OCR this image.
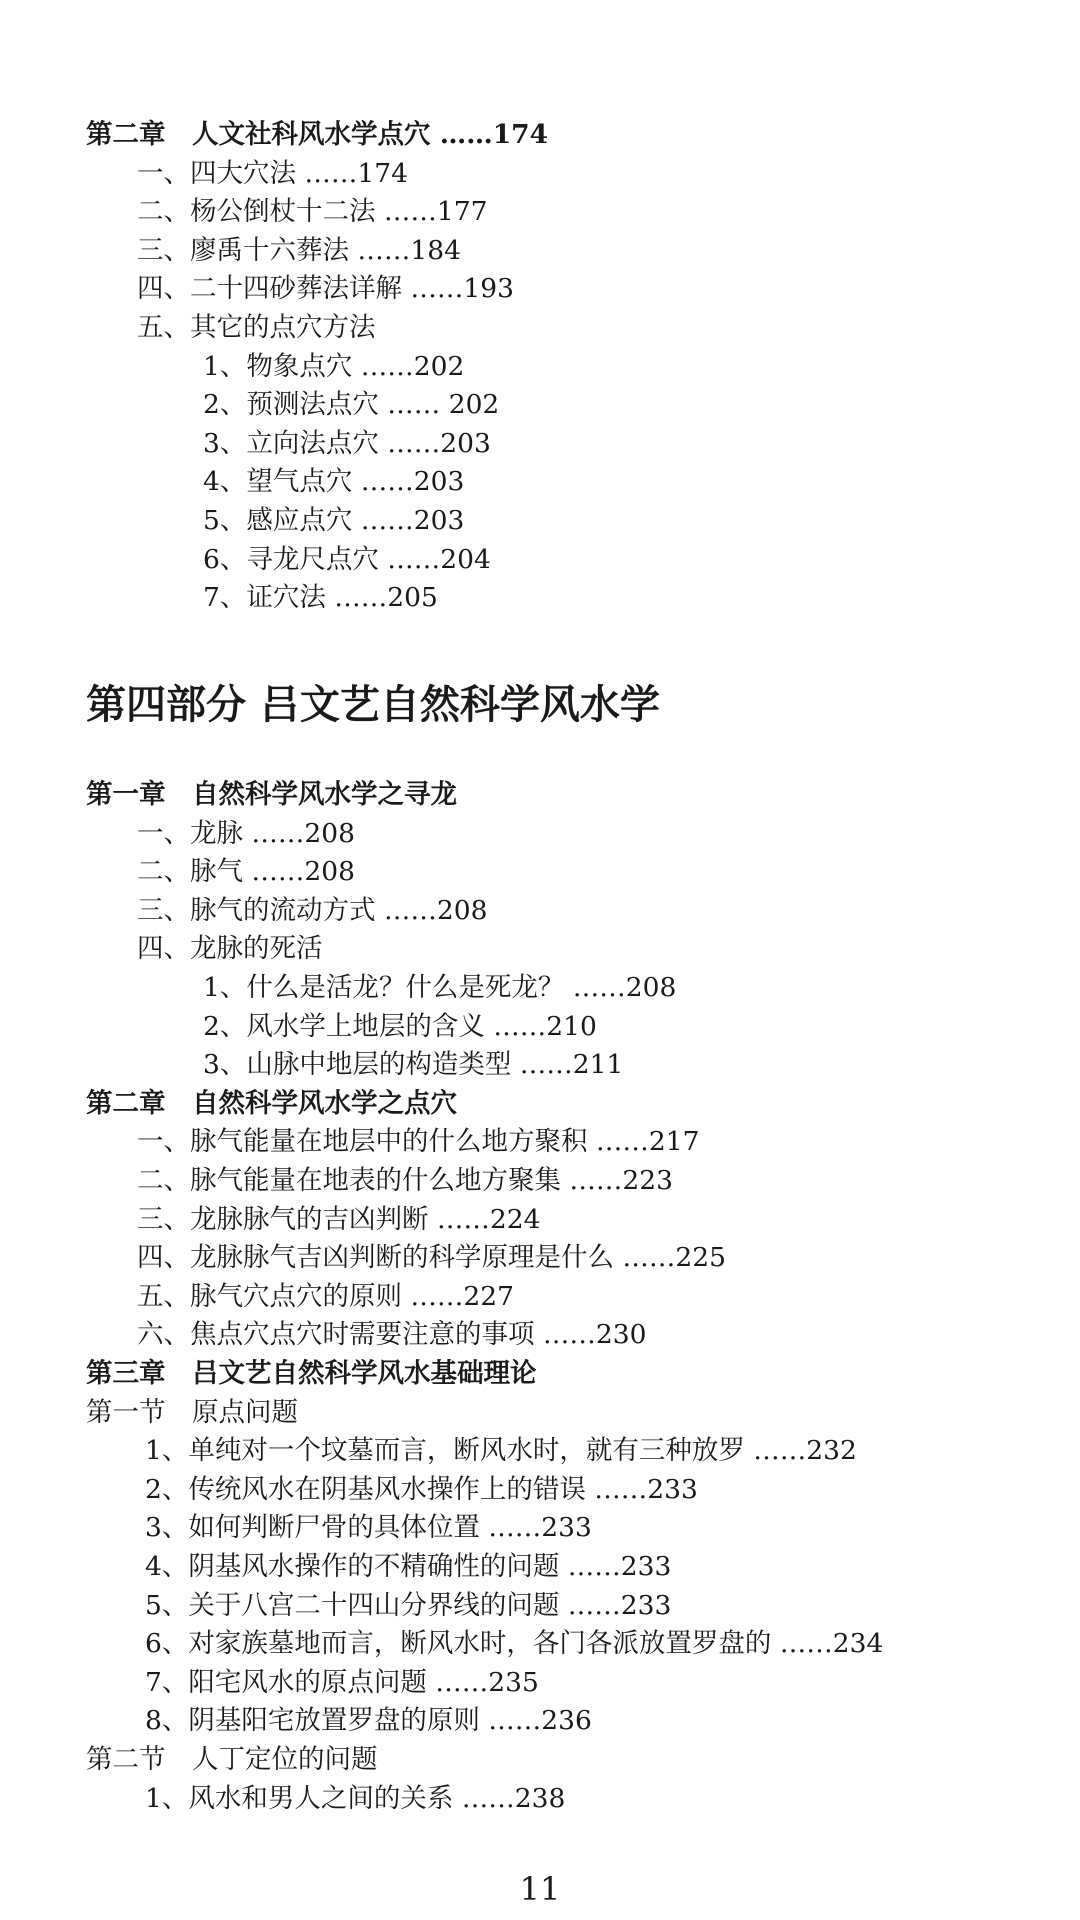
第二章　人文社科风水学点穴 ……174
一、四大穴法 ……174
二、杨公倒杖十二法 ……177
三、廖禹十六葬法 ……184
四、二十四砂葬法详解 ……193
五、其它的点穴方法
1、物象点穴 ……202
2、预测法点穴 …… 202
3、立向法点穴 ……203
4、望气点穴 ……203
5、感应点穴 ……203
6、寻龙尺点穴 ……204
7、证穴法 ……205
第四部分 吕文艺自然科学风水学
第一章　自然科学风水学之寻龙
一、龙脉 ……208
二、脉气 ……208
三、脉气的流动方式 ……208
四、龙脉的死活
1、什么是活龙？什么是死龙？ ……208
2、风水学上地层的含义 ……210
3、山脉中地层的构造类型 ……211
第二章　自然科学风水学之点穴
一、脉气能量在地层中的什么地方聚积 ……217
二、脉气能量在地表的什么地方聚集 ……223
三、龙脉脉气的吉凶判断 ……224
四、龙脉脉气吉凶判断的科学原理是什么 ……225
五、脉气穴点穴的原则 ……227
六、焦点穴点穴时需要注意的事项 ……230
第三章　吕文艺自然科学风水基础理论
第一节　原点问题
1、单纯对一个坟墓而言，断风水时，就有三种放罗 ……232
2、传统风水在阴基风水操作上的错误 ……233
3、如何判断尸骨的具体位置 ……233
4、阴基风水操作的不精确性的问题 ……233
5、关于八宫二十四山分界线的问题 ……233
6、对家族墓地而言，断风水时，各门各派放置罗盘的 ……234
7、阳宅风水的原点问题 ……235
8、阴基阳宅放置罗盘的原则 ……236
第二节　人丁定位的问题
1、风水和男人之间的关系 ……238
11
